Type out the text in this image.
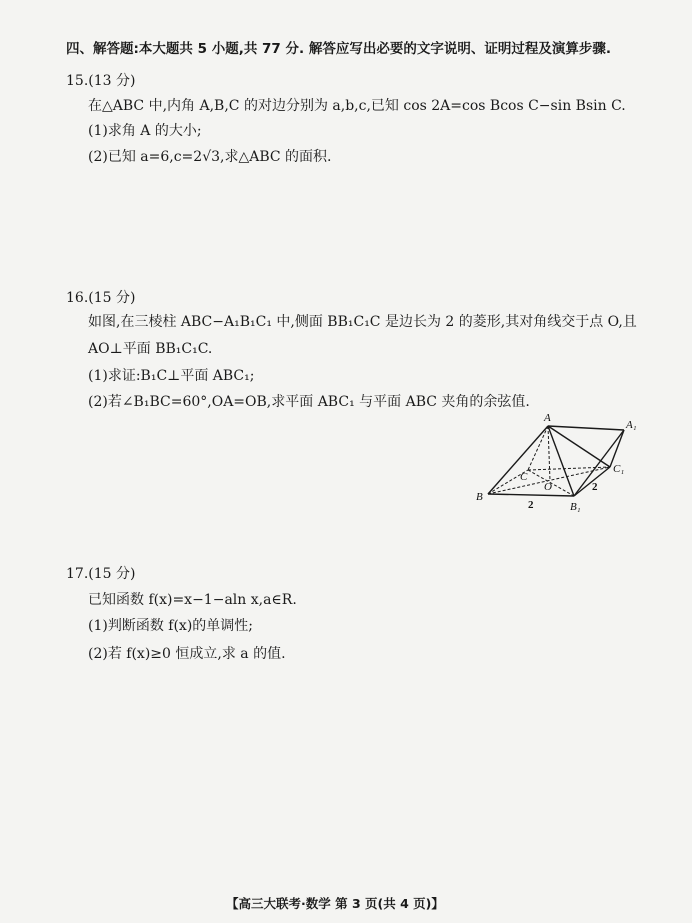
四、解答题:本大题共 5 小题,共 77 分. 解答应写出必要的文字说明、证明过程及演算步骤.
15.(13 分)
在△ABC 中,内角 A,B,C 的对边分别为 a,b,c,已知 cos 2A=cos Bcos C−sin Bsin C.
(1)求角 A 的大小;
(2)已知 a=6,c=2√3,求△ABC 的面积.
16.(15 分)
如图,在三棱柱 ABC−A₁B₁C₁ 中,侧面 BB₁C₁C 是边长为 2 的菱形,其对角线交于点 O,且
AO⊥平面 BB₁C₁C.
(1)求证:B₁C⊥平面 ABC₁;
(2)若∠B₁BC=60°,OA=OB,求平面 ABC₁ 与平面 ABC 夹角的余弦值.
A
A₁
B
B₁
C
C₁
O
2
2
17.(15 分)
已知函数 f(x)=x−1−aln x,a∈R.
(1)判断函数 f(x)的单调性;
(2)若 f(x)≥0 恒成立,求 a 的值.
【高三大联考·数学 第 3 页(共 4 页)】
